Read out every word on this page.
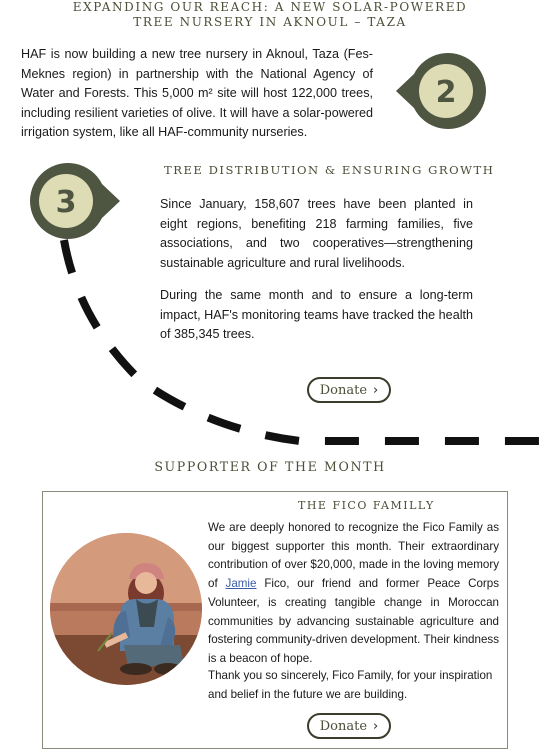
EXPANDING OUR REACH: A NEW SOLAR-POWERED
TREE NURSERY IN AKNOUL – TAZA
HAF is now building a new tree nursery in Aknoul, Taza (Fes-Meknes region) in partnership with the National Agency of Water and Forests. This 5,000 m² site will host 122,000 trees, including resilient varieties of olive. It will have a solar-powered irrigation system, like all HAF-community nurseries.
2
3
TREE DISTRIBUTION & ENSURING GROWTH
Since January, 158,607 trees have been planted in eight regions, benefiting 218 farming families, five associations, and two cooperatives—strengthening sustainable agriculture and rural livelihoods.
During the same month and to ensure a long-term impact, HAF's monitoring teams have tracked the health of 385,345 trees.
Donate ›
SUPPORTER OF THE MONTH
THE FICO FAMILLY
We are deeply honored to recognize the Fico Family as our biggest supporter this month. Their extraordinary contribution of over $20,000, made in the loving memory of Jamie Fico, our friend and former Peace Corps Volunteer, is creating tangible change in Moroccan communities by advancing sustainable agriculture and fostering community-driven development. Their kindness is a beacon of hope.
Thank you so sincerely, Fico Family, for your inspiration and belief in the future we are building.
Donate ›
